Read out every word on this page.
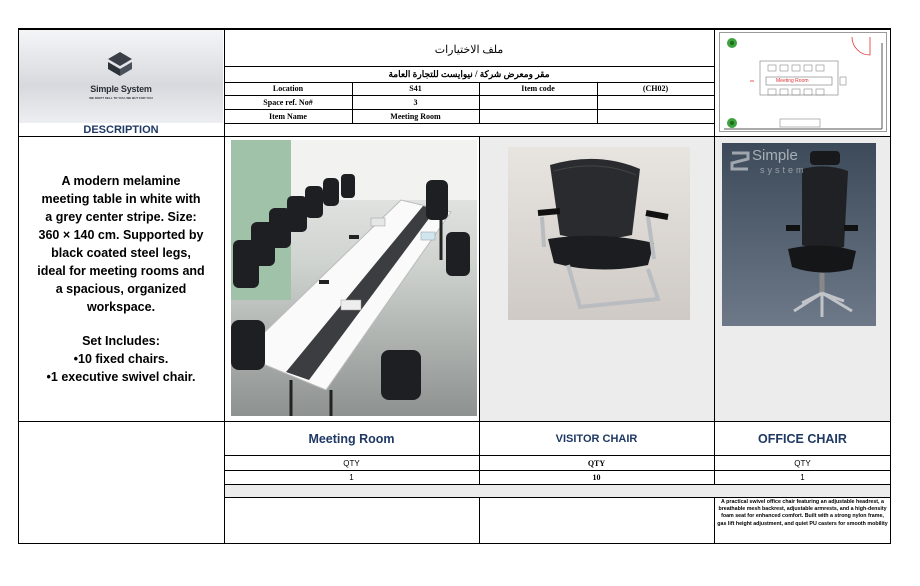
Simple System
WE DON'T SELL TO YOU, WE BUY FOR YOU
DESCRIPTION
ملف الاختيارات
مقر ومعرض شركة / نيوايست للتجارة العامة
Location	S41	Item code	(CH02)
Space ref. No#	3
Item Name	Meeting Room
Meeting Room
A modern melamine
meeting table in white with
a grey center stripe. Size:
360 × 140 cm. Supported by
black coated steel legs,
ideal for meeting rooms and
a spacious, organized
workspace.
Set Includes:
•10 fixed chairs.
•1 executive swivel chair.
Simple
system
Meeting Room	VISITOR CHAIR	OFFICE CHAIR
QTY	QTY	QTY
1	10	1
A practical swivel office chair featuring an adjustable headrest, a breathable mesh backrest, adjustable armrests, and a high-density foam seat for enhanced comfort. Built with a strong nylon frame, gas lift height adjustment, and quiet PU casters for smooth mobility
